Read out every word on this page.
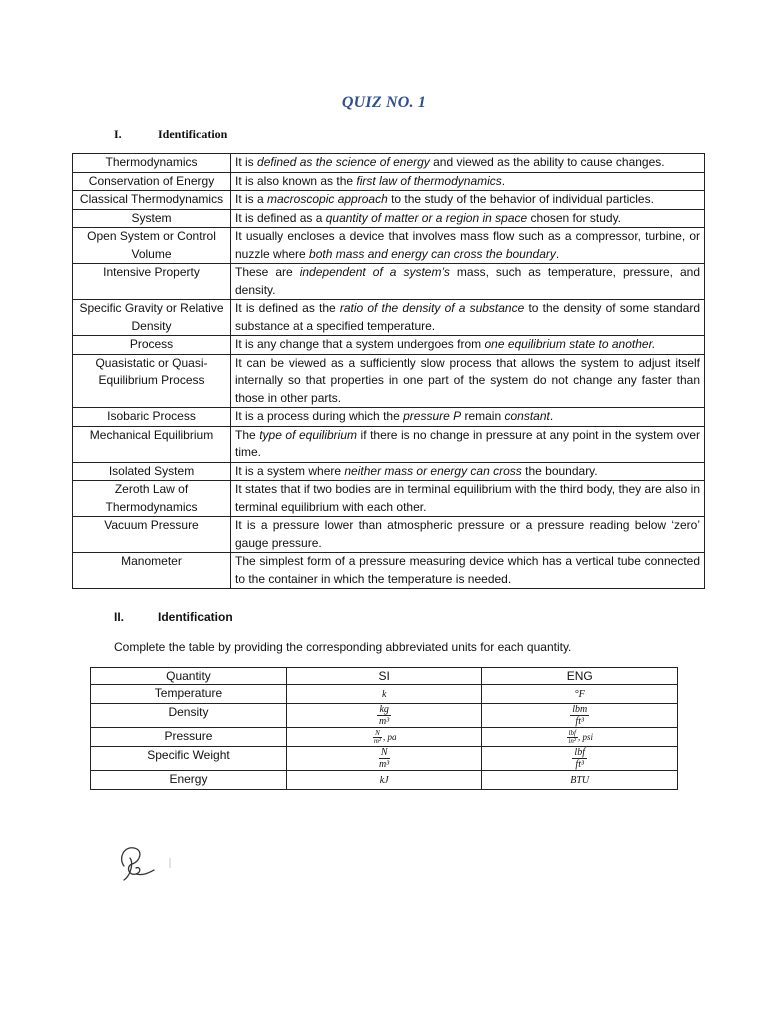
QUIZ NO. 1
I.	Identification
Thermodynamics	It is defined as the science of energy and viewed as the ability to cause changes.
Conservation of Energy	It is also known as the first law of thermodynamics.
Classical Thermodynamics	It is a macroscopic approach to the study of the behavior of individual particles.
System	It is defined as a quantity of matter or a region in space chosen for study.
Open System or Control Volume	It usually encloses a device that involves mass flow such as a compressor, turbine, or nuzzle where both mass and energy can cross the boundary.
Intensive Property	These are independent of a system’s mass, such as temperature, pressure, and density.
Specific Gravity or Relative Density	It is defined as the ratio of the density of a substance to the density of some standard substance at a specified temperature.
Process	It is any change that a system undergoes from one equilibrium state to another.
Quasistatic or Quasi-Equilibrium Process	It can be viewed as a sufficiently slow process that allows the system to adjust itself internally so that properties in one part of the system do not change any faster than those in other parts.
Isobaric Process	It is a process during which the pressure P remain constant.
Mechanical Equilibrium	The type of equilibrium if there is no change in pressure at any point in the system over time.
Isolated System	It is a system where neither mass or energy can cross the boundary.
Zeroth Law of Thermodynamics	It states that if two bodies are in terminal equilibrium with the third body, they are also in terminal equilibrium with each other.
Vacuum Pressure	It is a pressure lower than atmospheric pressure or a pressure reading below ‘zero’ gauge pressure.
Manometer	The simplest form of a pressure measuring device which has a vertical tube connected to the container in which the temperature is needed.
II.	Identification
Complete the table by providing the corresponding abbreviated units for each quantity.
Quantity	SI	ENG
Temperature	k	°F
Density	$\frac{kg}{\text{m³}}$	$\frac{\text{lbm}}{\text{ft³}}$

Pressure	$\frac{N}{\text{m²}}$ , pa	$\frac{\text{lbf}}{\text{in²}}$ , psi
Specific Weight	$\frac{N}{\text{m³}}$	$\frac{\text{lbf}}{\text{ft³}}$

Energy	kJ	BTU
